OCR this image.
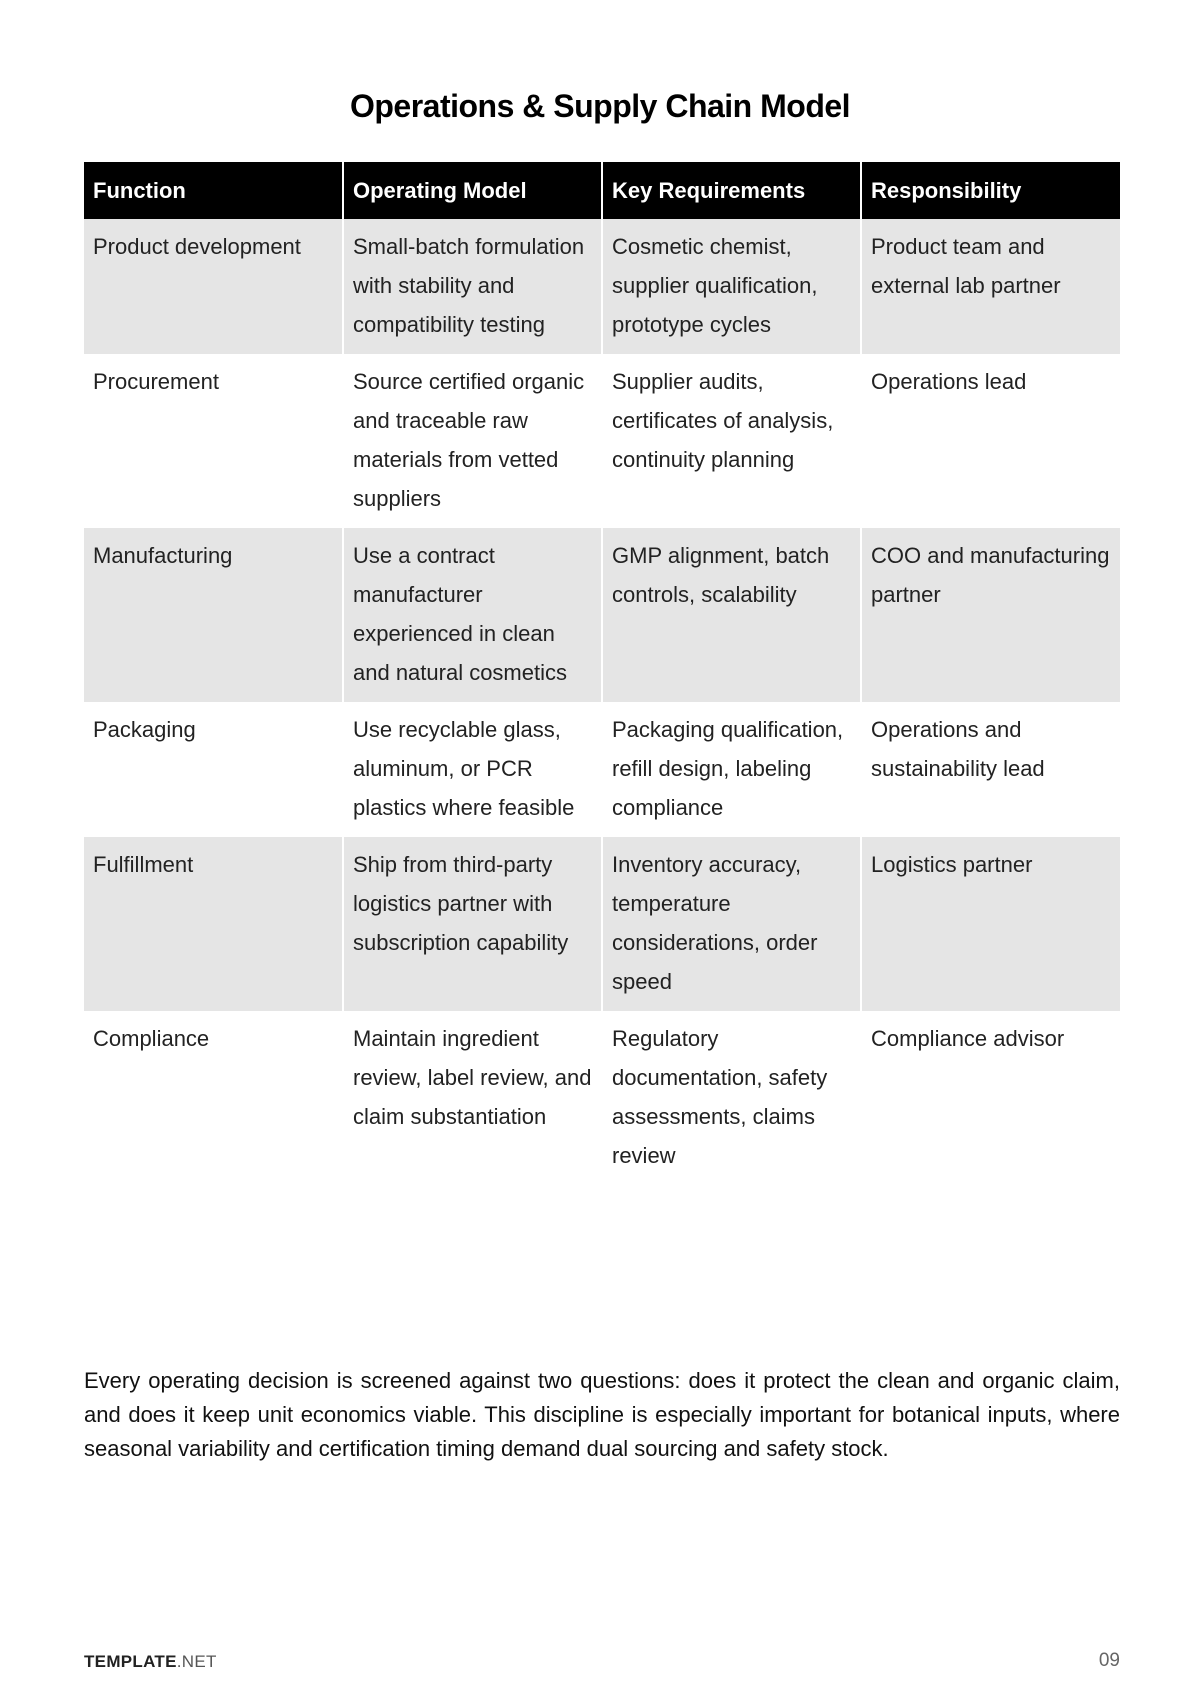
Operations & Supply Chain Model
Function	Operating Model	Key Requirements	Responsibility
Product development	Small-batch formulation with stability and compatibility testing	Cosmetic chemist, supplier qualification, prototype cycles	Product team and external lab partner
Procurement	Source certified organic and traceable raw materials from vetted suppliers	Supplier audits, certificates of analysis, continuity planning	Operations lead
Manufacturing	Use a contract manufacturer experienced in clean and natural cosmetics	GMP alignment, batch controls, scalability	COO and manufacturing partner
Packaging	Use recyclable glass, aluminum, or PCR plastics where feasible	Packaging qualification, refill design, labeling compliance	Operations and sustainability lead
Fulfillment	Ship from third-party logistics partner with subscription capability	Inventory accuracy, temperature considerations, order speed	Logistics partner
Compliance	Maintain ingredient review, label review, and claim substantiation	Regulatory documentation, safety assessments, claims review	Compliance advisor

Every operating decision is screened against two questions: does it protect the clean and organic claim, and does it keep unit economics viable. This discipline is especially important for botanical inputs, where seasonal variability and certification timing demand dual sourcing and safety stock.

TEMPLATE.NET	09
